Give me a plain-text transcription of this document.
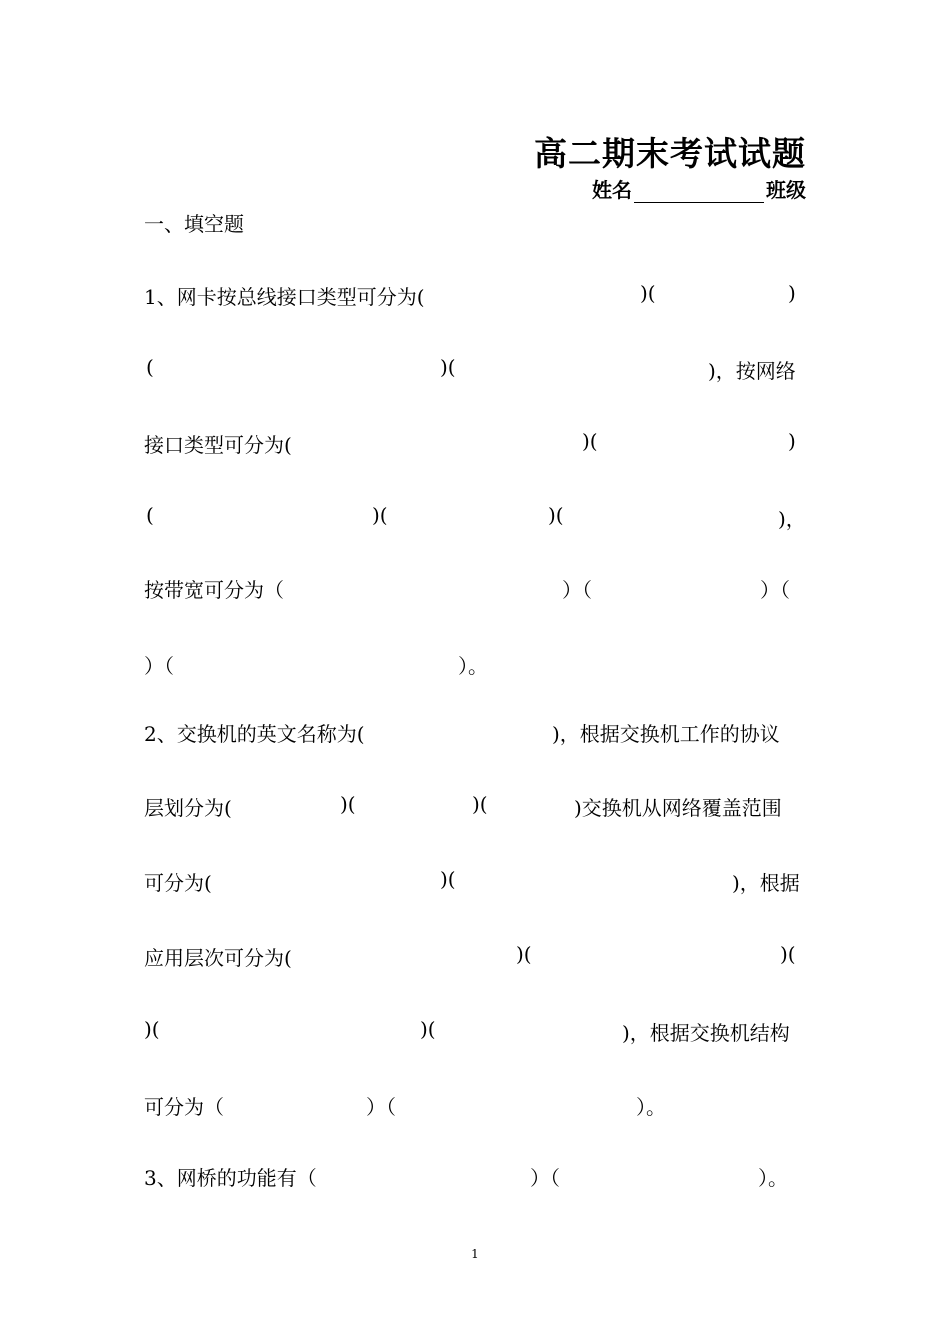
高二期末考试试题
姓名	班级
一、填空题
1、网卡按总线接口类型可分为(	)(	)
(	)(	)，按网络
接口类型可分为(	)(	)
(	)(	)(	)，
按带宽可分为（	）（	）（
）（	）。
2、交换机的英文名称为(	)，根据交换机工作的协议
层划分为(	)(	)(	)交换机从网络覆盖范围
可分为(	)(	)，根据
应用层次可分为(	)(	)(
)(	)(	)，根据交换机结构
可分为（	）（	）。
3、网桥的功能有（	）（	）。
1
